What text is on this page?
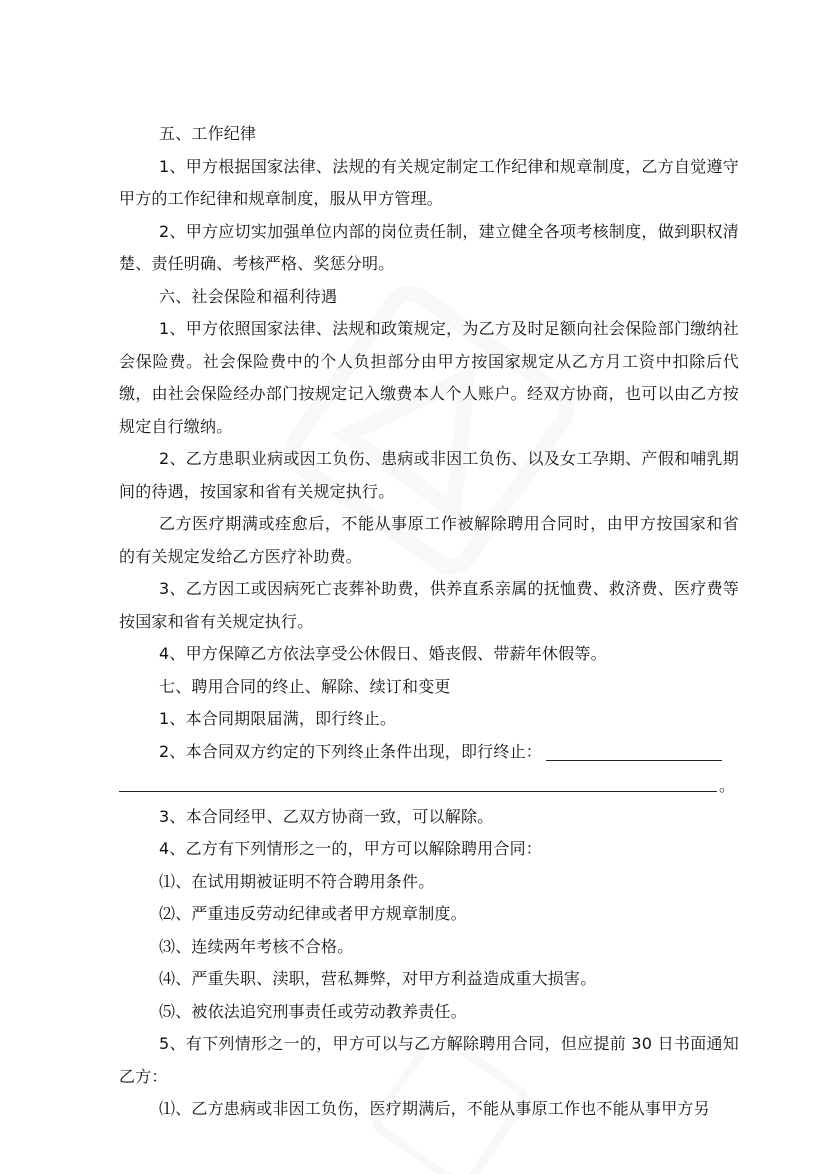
五、工作纪律

1、甲方根据国家法律、法规的有关规定制定工作纪律和规章制度，乙方自觉遵守甲方的工作纪律和规章制度，服从甲方管理。

2、甲方应切实加强单位内部的岗位责任制，建立健全各项考核制度，做到职权清楚、责任明确、考核严格、奖惩分明。

六、社会保险和福利待遇

1、甲方依照国家法律、法规和政策规定，为乙方及时足额向社会保险部门缴纳社会保险费。社会保险费中的个人负担部分由甲方按国家规定从乙方月工资中扣除后代缴，由社会保险经办部门按规定记入缴费本人个人账户。经双方协商，也可以由乙方按规定自行缴纳。

2、乙方患职业病或因工负伤、患病或非因工负伤、以及女工孕期、产假和哺乳期间的待遇，按国家和省有关规定执行。

乙方医疗期满或痊愈后，不能从事原工作被解除聘用合同时，由甲方按国家和省的有关规定发给乙方医疗补助费。

3、乙方因工或因病死亡丧葬补助费，供养直系亲属的抚恤费、救济费、医疗费等按国家和省有关规定执行。

4、甲方保障乙方依法享受公休假日、婚丧假、带薪年休假等。

七、聘用合同的终止、解除、续订和变更

1、本合同期限届满，即行终止。

2、本合同双方约定的下列终止条件出现，即行终止：

。

3、本合同经甲、乙双方协商一致，可以解除。

4、乙方有下列情形之一的，甲方可以解除聘用合同：

⑴、在试用期被证明不符合聘用条件。

⑵、严重违反劳动纪律或者甲方规章制度。

⑶、连续两年考核不合格。

⑷、严重失职、渎职，营私舞弊，对甲方利益造成重大损害。

⑸、被依法追究刑事责任或劳动教养责任。

5、有下列情形之一的，甲方可以与乙方解除聘用合同，但应提前 30 日书面通知乙方：

⑴、乙方患病或非因工负伤，医疗期满后，不能从事原工作也不能从事甲方另
